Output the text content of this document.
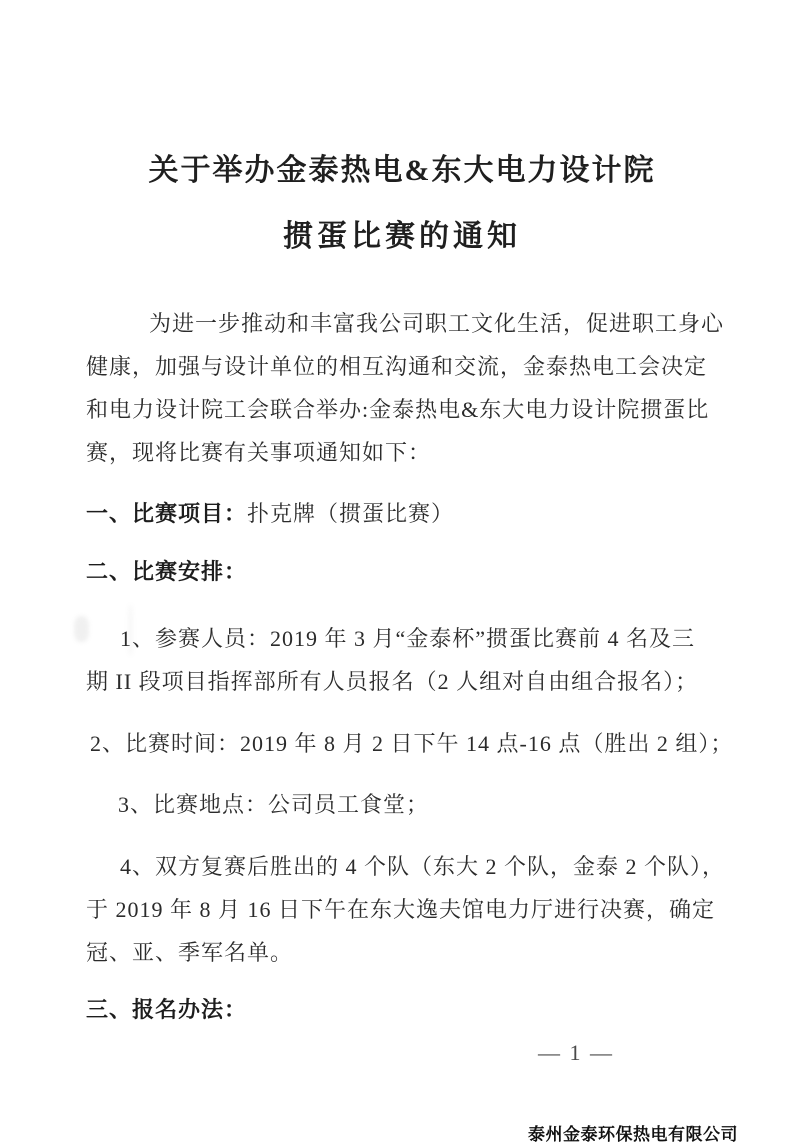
关于举办金泰热电&东大电力设计院
掼蛋比赛的通知
为进一步推动和丰富我公司职工文化生活，促进职工身心
健康，加强与设计单位的相互沟通和交流，金泰热电工会决定
和电力设计院工会联合举办:金泰热电&东大电力设计院掼蛋比
赛，现将比赛有关事项通知如下：
一、比赛项目：扑克牌（掼蛋比赛）
二、比赛安排：
1、参赛人员：2019 年 3 月“金泰杯”掼蛋比赛前 4 名及三
期 II 段项目指挥部所有人员报名（2 人组对自由组合报名）；
2、比赛时间：2019 年 8 月 2 日下午 14 点-16 点（胜出 2 组）；
3、比赛地点：公司员工食堂；
4、双方复赛后胜出的 4 个队（东大 2 个队，金泰 2 个队），
于 2019 年 8 月 16 日下午在东大逸夫馆电力厅进行决赛，确定
冠、亚、季军名单。
三、报名办法：
— 1 —
泰州金泰环保热电有限公司
